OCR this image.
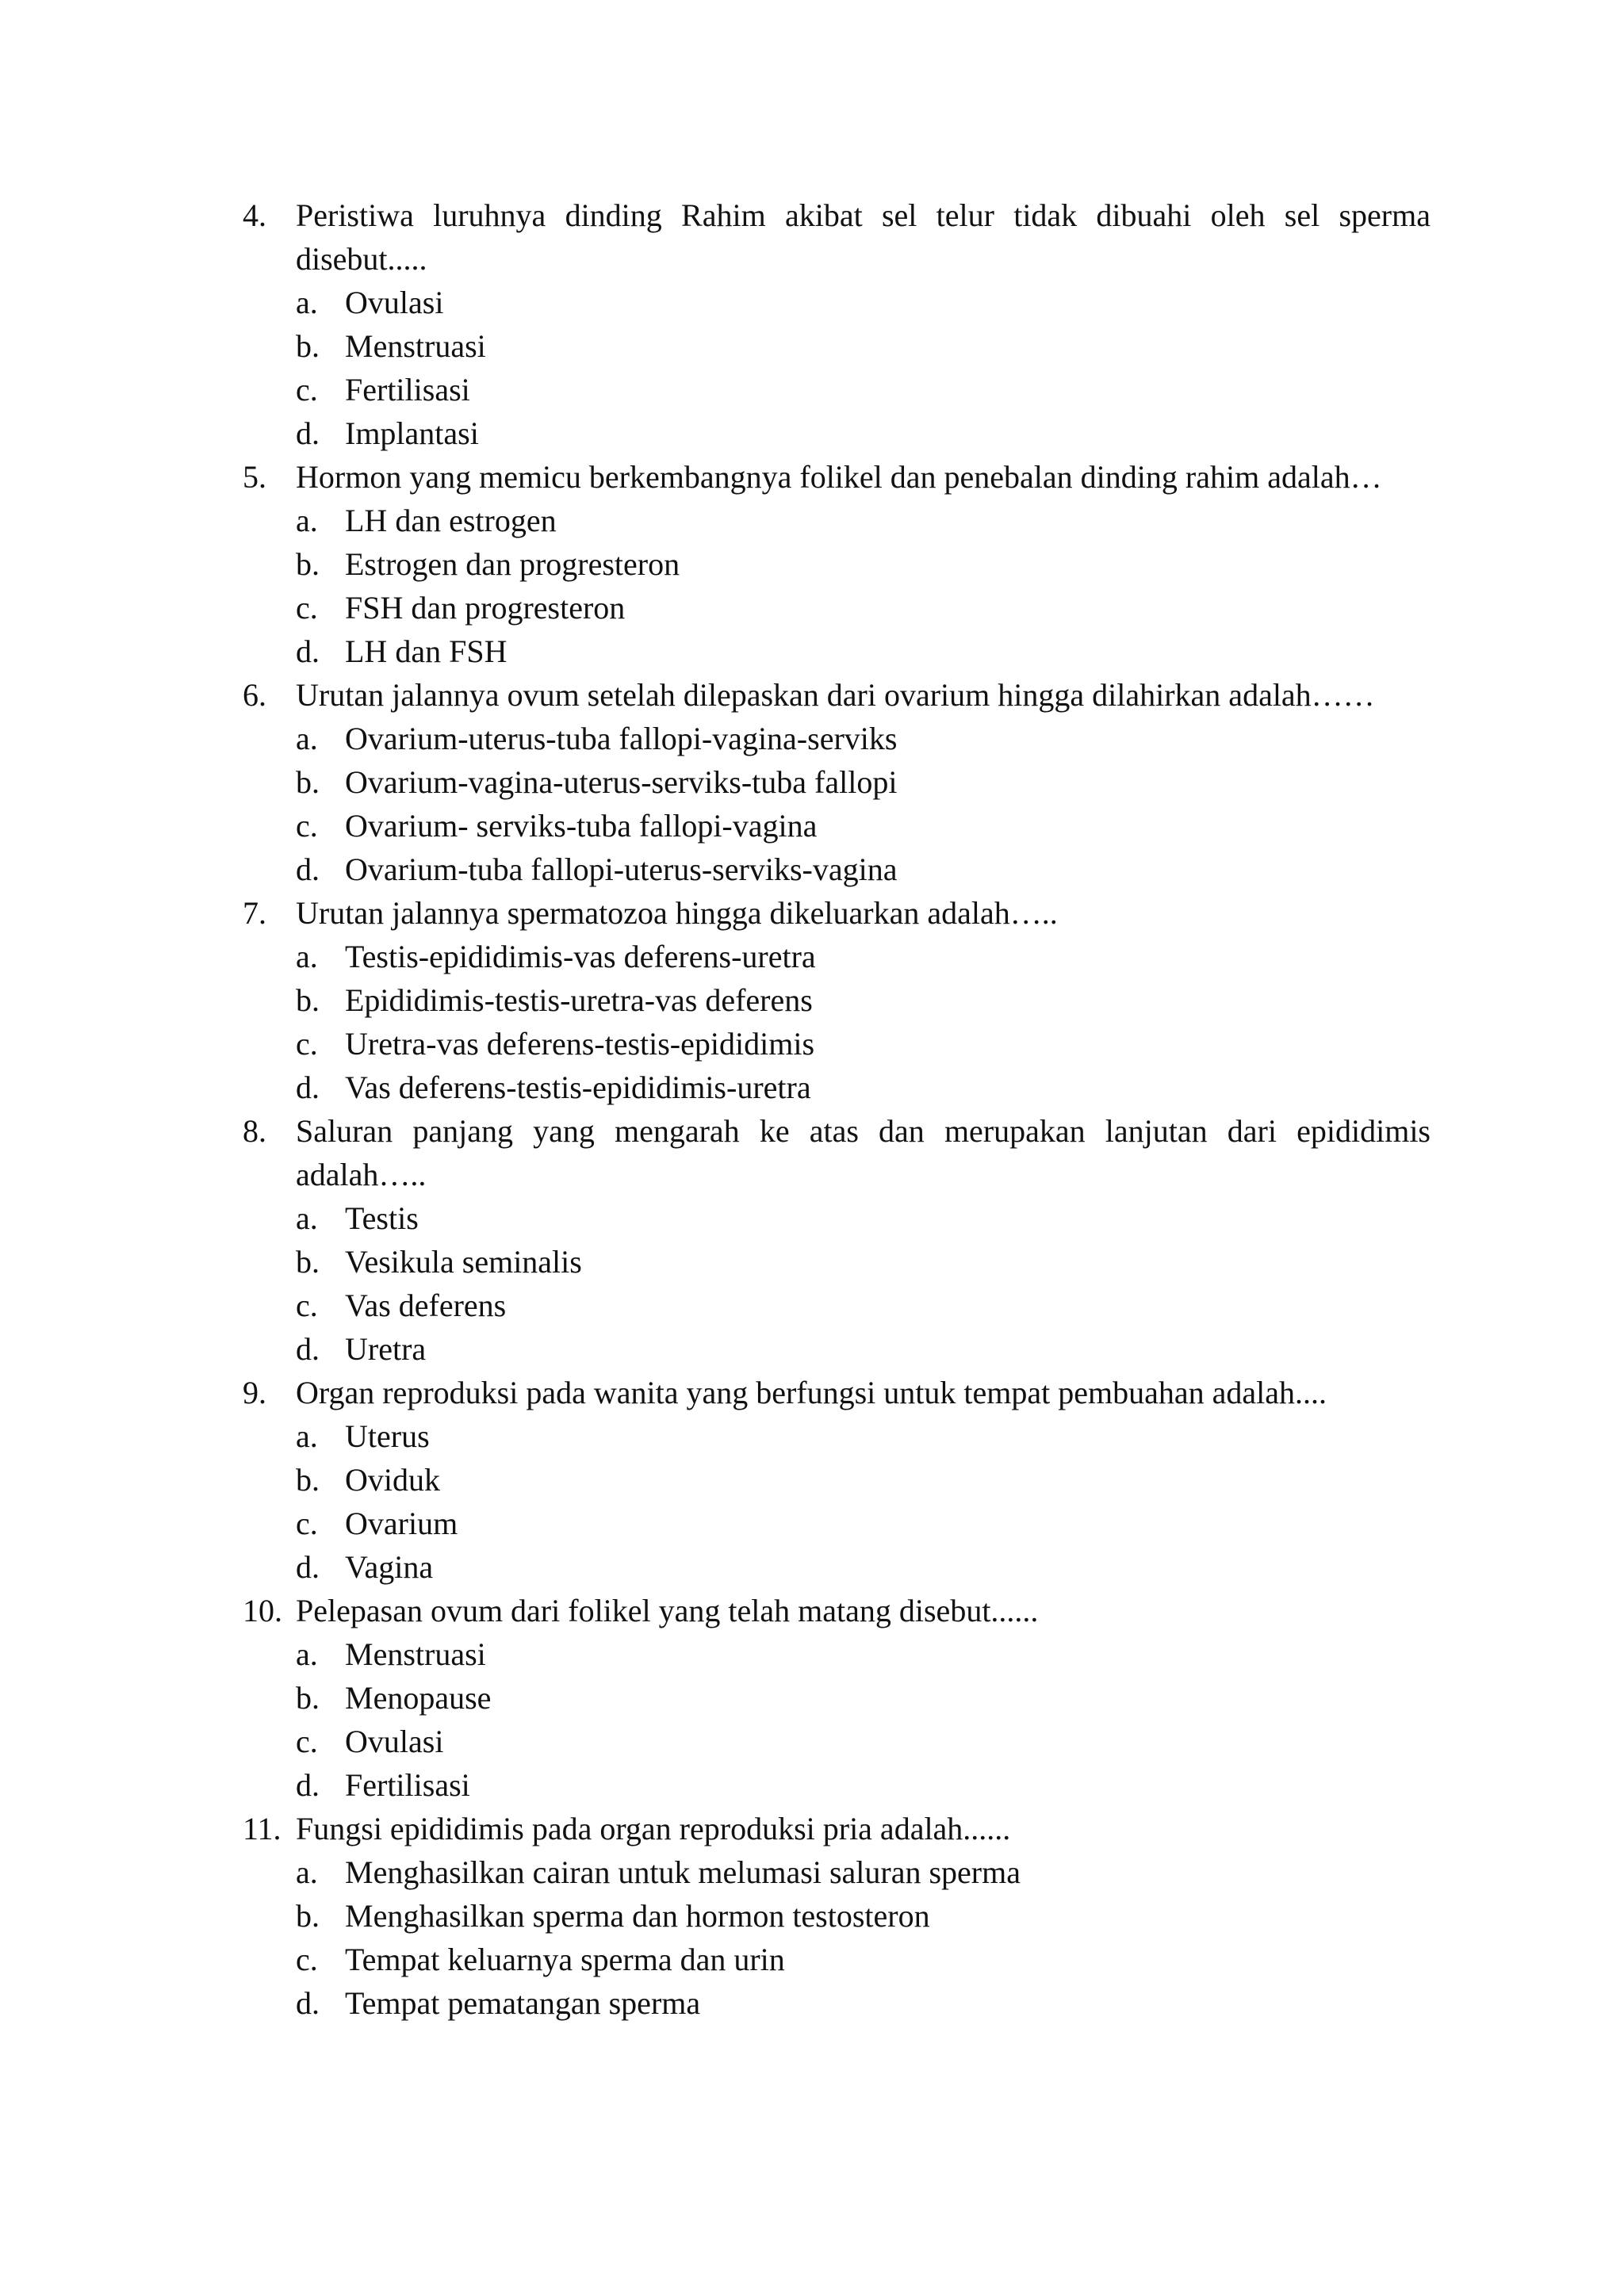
4. Peristiwa luruhnya dinding Rahim akibat sel telur tidak dibuahi oleh sel sperma disebut.....
a. Ovulasi
b. Menstruasi
c. Fertilisasi
d. Implantasi
5. Hormon yang memicu berkembangnya folikel dan penebalan dinding rahim adalah…
a. LH dan estrogen
b. Estrogen dan progresteron
c. FSH dan progresteron
d. LH dan FSH
6. Urutan jalannya ovum setelah dilepaskan dari ovarium hingga dilahirkan adalah……
a. Ovarium-uterus-tuba fallopi-vagina-serviks
b. Ovarium-vagina-uterus-serviks-tuba fallopi
c. Ovarium- serviks-tuba fallopi-vagina
d. Ovarium-tuba fallopi-uterus-serviks-vagina
7. Urutan jalannya spermatozoa hingga dikeluarkan adalah…..
a. Testis-epididimis-vas deferens-uretra
b. Epididimis-testis-uretra-vas deferens
c. Uretra-vas deferens-testis-epididimis
d. Vas deferens-testis-epididimis-uretra
8. Saluran panjang yang mengarah ke atas dan merupakan lanjutan dari epididimis adalah…..
a. Testis
b. Vesikula seminalis
c. Vas deferens
d. Uretra
9. Organ reproduksi pada wanita yang berfungsi untuk tempat pembuahan adalah....
a. Uterus
b. Oviduk
c. Ovarium
d. Vagina
10. Pelepasan ovum dari folikel yang telah matang disebut......
a. Menstruasi
b. Menopause
c. Ovulasi
d. Fertilisasi
11. Fungsi epididimis pada organ reproduksi pria adalah......
a. Menghasilkan cairan untuk melumasi saluran sperma
b. Menghasilkan sperma dan hormon testosteron
c. Tempat keluarnya sperma dan urin
d. Tempat pematangan sperma
